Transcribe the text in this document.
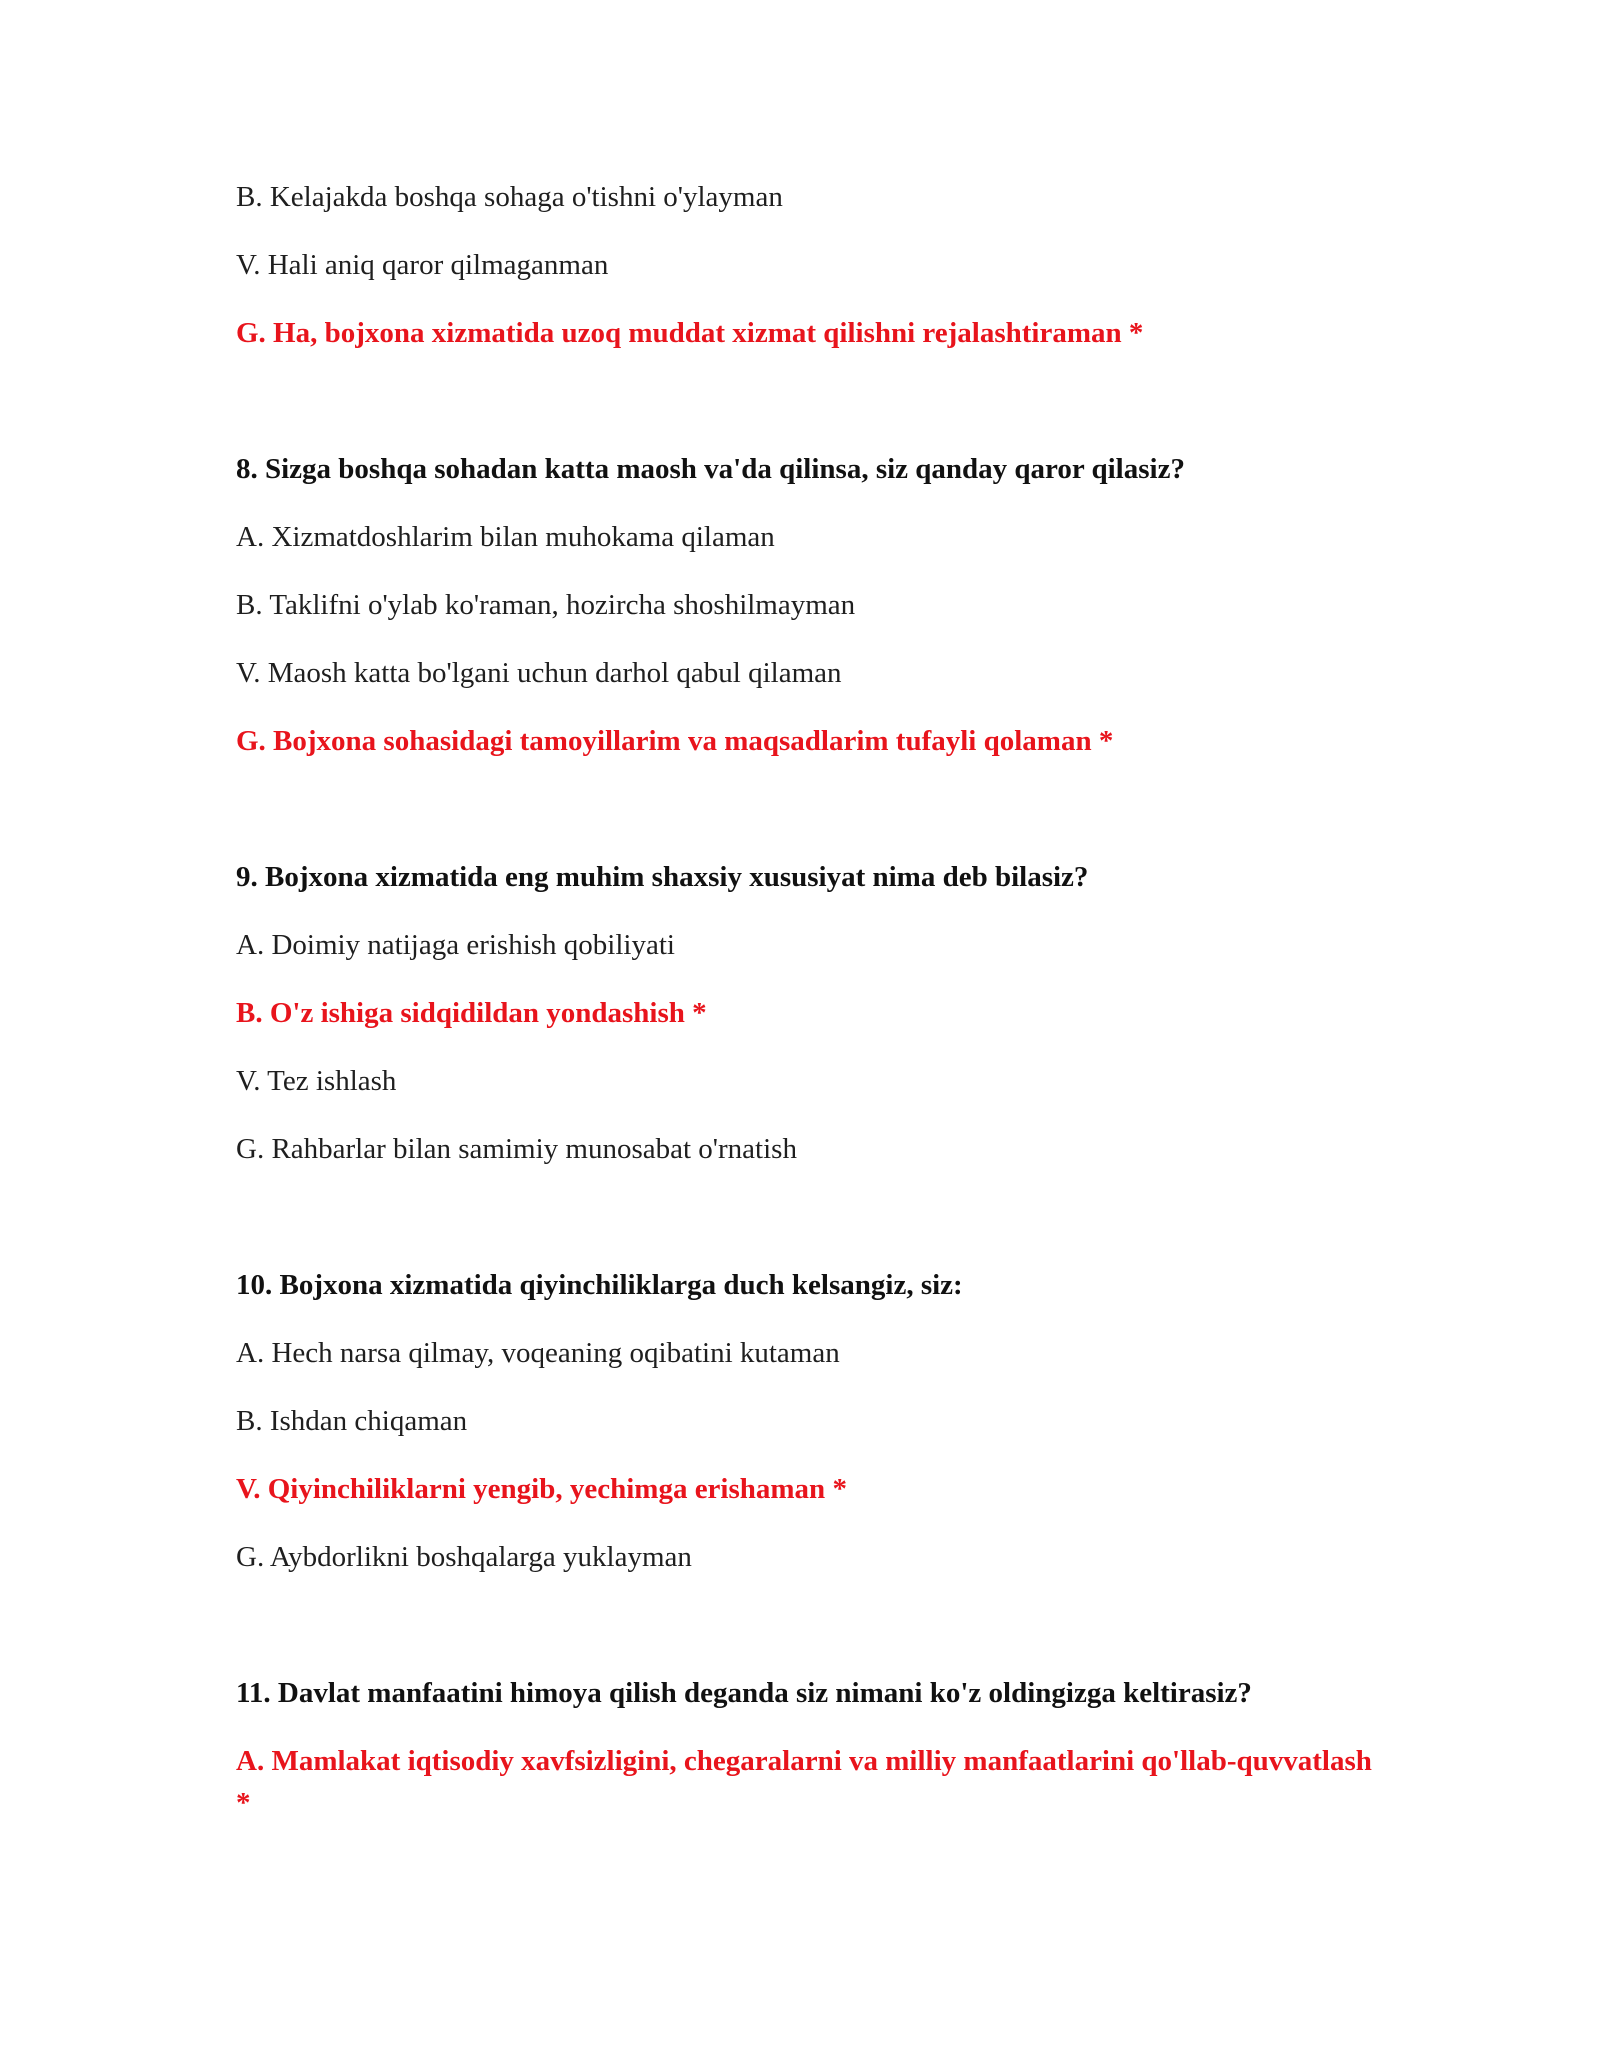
B. Kelajakda boshqa sohaga o'tishni o'ylayman
V. Hali aniq qaror qilmaganman
G. Ha, bojxona xizmatida uzoq muddat xizmat qilishni rejalashtiraman *
8. Sizga boshqa sohadan katta maosh va'da qilinsa, siz qanday qaror qilasiz?
A. Xizmatdoshlarim bilan muhokama qilaman
B. Taklifni o'ylab ko'raman, hozircha shoshilmayman
V. Maosh katta bo'lgani uchun darhol qabul qilaman
G. Bojxona sohasidagi tamoyillarim va maqsadlarim tufayli qolaman *
9. Bojxona xizmatida eng muhim shaxsiy xususiyat nima deb bilasiz?
A. Doimiy natijaga erishish qobiliyati
B. O'z ishiga sidqidildan yondashish *
V. Tez ishlash
G. Rahbarlar bilan samimiy munosabat o'rnatish
10. Bojxona xizmatida qiyinchiliklarga duch kelsangiz, siz:
A. Hech narsa qilmay, voqeaning oqibatini kutaman
B. Ishdan chiqaman
V. Qiyinchiliklarni yengib, yechimga erishaman *
G. Aybdorlikni boshqalarga yuklayman
11. Davlat manfaatini himoya qilish deganda siz nimani ko'z oldingizga keltirasiz?
A. Mamlakat iqtisodiy xavfsizligini, chegaralarni va milliy manfaatlarini qo'llab-quvvatlash *
